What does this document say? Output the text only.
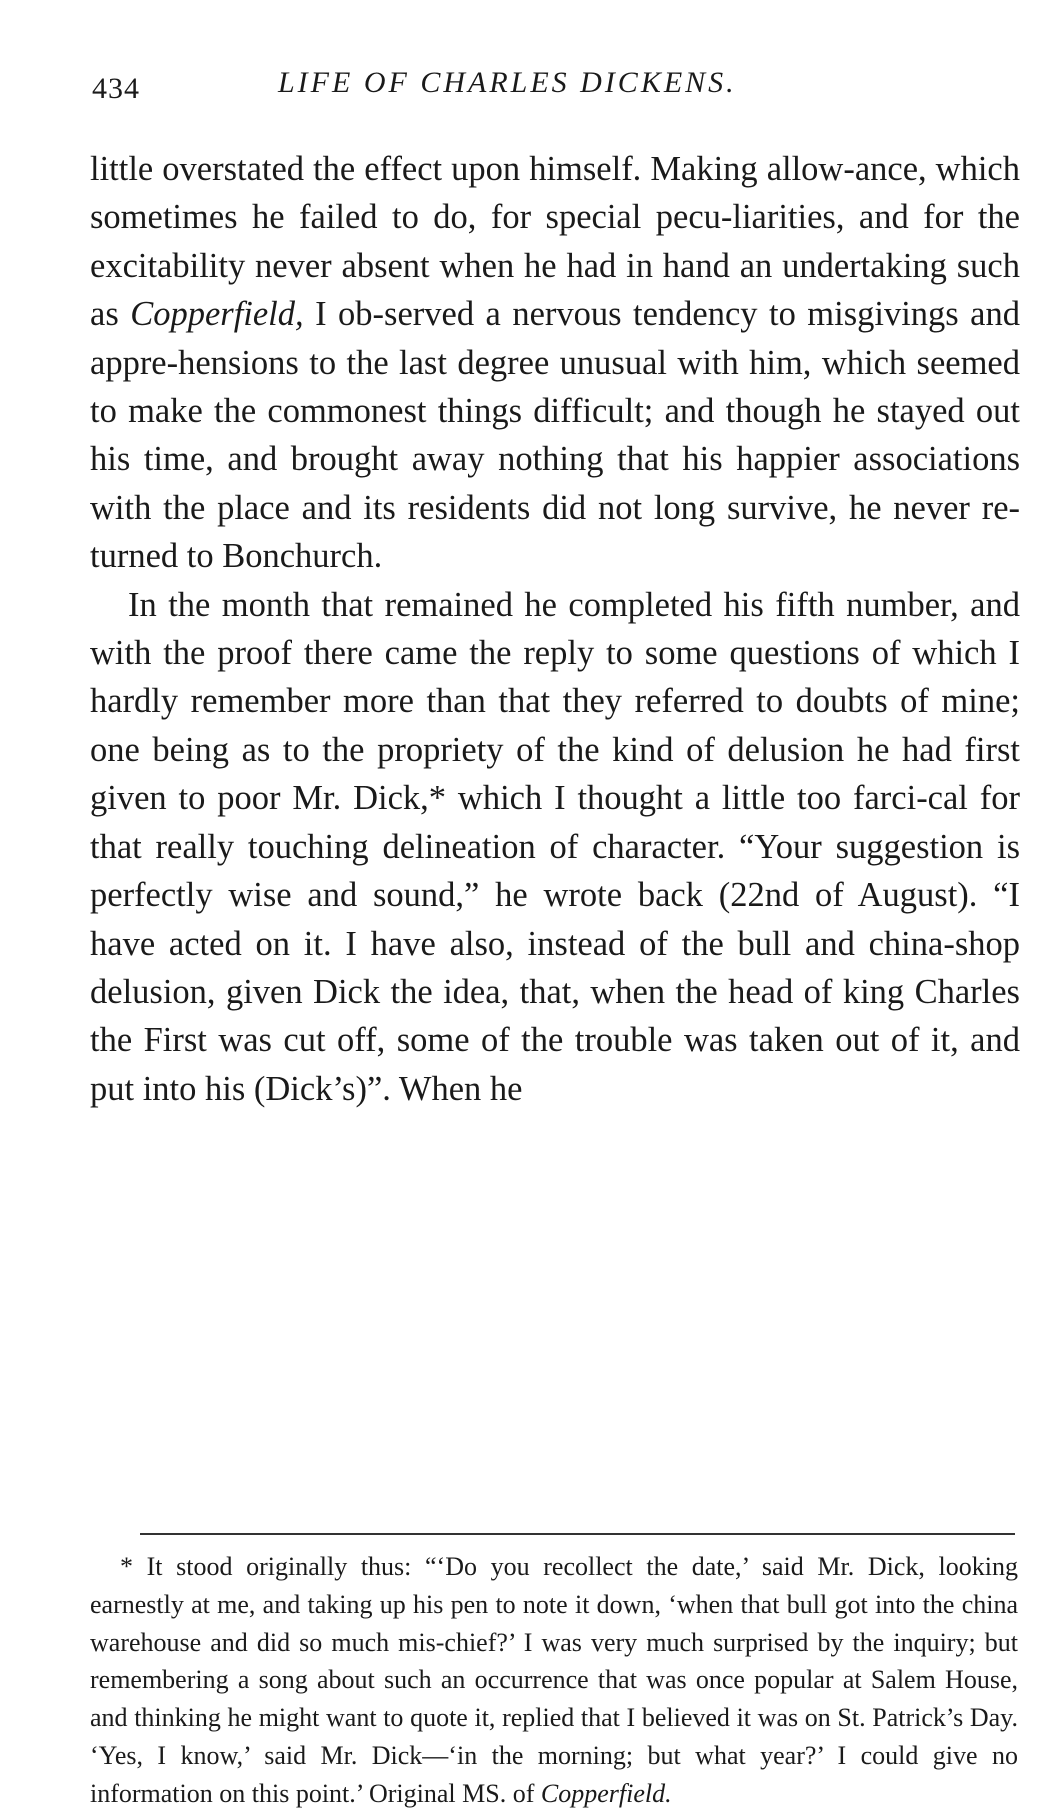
434	LIFE OF CHARLES DICKENS.

little overstated the effect upon himself. Making allow-ance, which sometimes he failed to do, for special pecu-liarities, and for the excitability never absent when he had in hand an undertaking such as Copperfield, I ob-served a nervous tendency to misgivings and appre-hensions to the last degree unusual with him, which seemed to make the commonest things difficult; and though he stayed out his time, and brought away nothing that his happier associations with the place and its residents did not long survive, he never re-turned to Bonchurch.

In the month that remained he completed his fifth number, and with the proof there came the reply to some questions of which I hardly remember more than that they referred to doubts of mine; one being as to the propriety of the kind of delusion he had first given to poor Mr. Dick,* which I thought a little too farci-cal for that really touching delineation of character. “Your suggestion is perfectly wise and sound,” he wrote back (22nd of August). “I have acted on it. I have also, instead of the bull and china-shop delusion, given Dick the idea, that, when the head of king Charles the First was cut off, some of the trouble was taken out of it, and put into his (Dick’s)”. When he

* It stood originally thus: “‘Do you recollect the date,’ said Mr. Dick, looking earnestly at me, and taking up his pen to note it down, ‘when that bull got into the china warehouse and did so much mis-chief?’ I was very much surprised by the inquiry; but remembering a song about such an occurrence that was once popular at Salem House, and thinking he might want to quote it, replied that I believed it was on St. Patrick’s Day. ‘Yes, I know,’ said Mr. Dick—‘in the morning; but what year?’ I could give no information on this point.’ Original MS. of Copperfield.
